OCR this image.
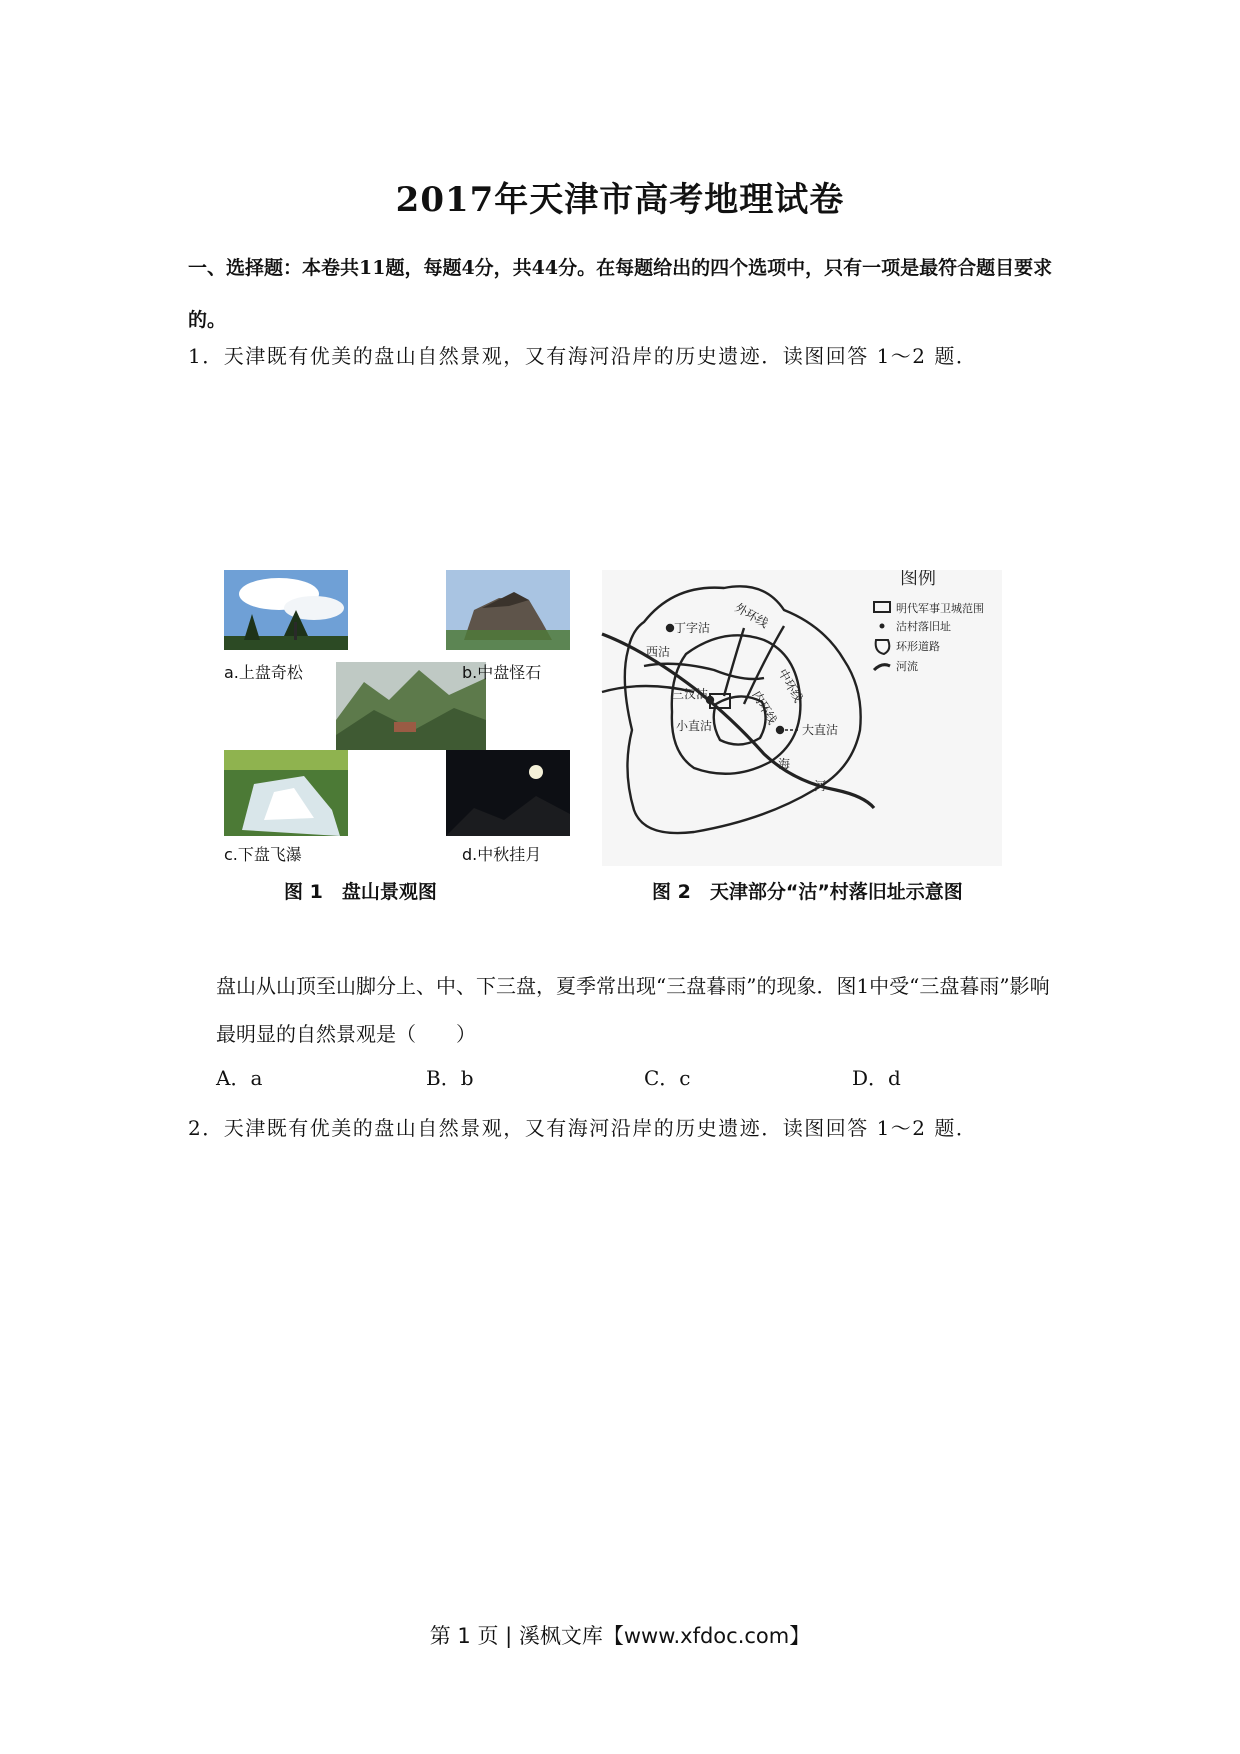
2017年天津市高考地理试卷
一、选择题：本卷共11题，每题4分，共44分。在每题给出的四个选项中，只有一项是最符合题目要求的。
1．天津既有优美的盘山自然景观，又有海河沿岸的历史遗迹．读图回答 1～2 题．
a.上盘奇松	b.中盘怪石
c.下盘飞瀑	d.中秋挂月
图 1　盘山景观图
丁字沽
西沽
三汊沽
小直沽	大直沽
海
河
外环线
中环线
内环线
图例
明代军事卫城范围
沽村落旧址
环形道路
河流
图 2　天津部分“沽”村落旧址示意图
盘山从山顶至山脚分上、中、下三盘，夏季常出现“三盘暮雨”的现象．图1中受“三盘暮雨”影响最明显的自然景观是（　　）
A．a	B．b	C．c	D．d
2．天津既有优美的盘山自然景观，又有海河沿岸的历史遗迹．读图回答 1～2 题．
第 1 页 | 溪枫文库【www.xfdoc.com】
